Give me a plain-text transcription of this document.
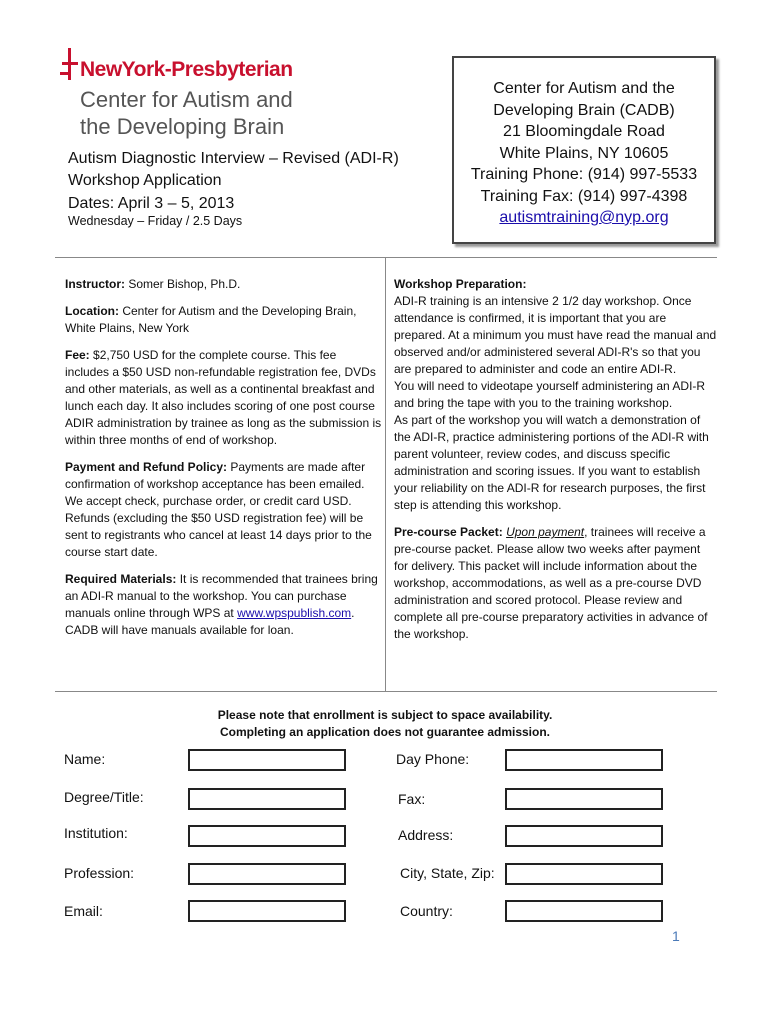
NewYork-Presbyterian
Center for Autism and
the Developing Brain
Center for Autism and the
Developing Brain (CADB)
21 Bloomingdale Road
White Plains, NY 10605
Training Phone: (914) 997-5533
Training Fax: (914) 997-4398
autismtraining@nyp.org
Autism Diagnostic Interview – Revised (ADI-R)
Workshop Application
Dates: April 3 – 5, 2013
Wednesday – Friday / 2.5 Days

Instructor: Somer Bishop, Ph.D.

Location: Center for Autism and the Developing Brain, White Plains, New York

Fee: $2,750 USD for the complete course. This fee includes a $50 USD non-refundable registration fee, DVDs and other materials, as well as a continental breakfast and lunch each day. It also includes scoring of one post course ADIR administration by trainee as long as the submission is within three months of end of workshop.

Payment and Refund Policy: Payments are made after confirmation of workshop acceptance has been emailed. We accept check, purchase order, or credit card USD. Refunds (excluding the $50 USD registration fee) will be sent to registrants who cancel at least 14 days prior to the course start date.

Required Materials: It is recommended that trainees bring an ADI-R manual to the workshop. You can purchase manuals online through WPS at www.wpspublish.com. CADB will have manuals available for loan.

Workshop Preparation:
ADI-R training is an intensive 2 1/2 day workshop. Once attendance is confirmed, it is important that you are prepared. At a minimum you must have read the manual and observed and/or administered several ADI-R's so that you are prepared to administer and code an entire ADI-R.
You will need to videotape yourself administering an ADI-R and bring the tape with you to the training workshop.
As part of the workshop you will watch a demonstration of the ADI-R, practice administering portions of the ADI-R with parent volunteer, review codes, and discuss specific administration and scoring issues. If you want to establish your reliability on the ADI-R for research purposes, the first step is attending this workshop.
Pre-course Packet: Upon payment, trainees will receive a pre-course packet. Please allow two weeks after payment for delivery. This packet will include information about the workshop, accommodations, as well as a pre-course DVD administration and scored protocol. Please review and complete all pre-course preparatory activities in advance of the workshop.
Please note that enrollment is subject to space availability.
Completing an application does not guarantee admission.
Name:
Degree/Title:
Institution:
Profession:
Email:
Day Phone:
Fax:
Address:
City, State, Zip:
Country:
1
